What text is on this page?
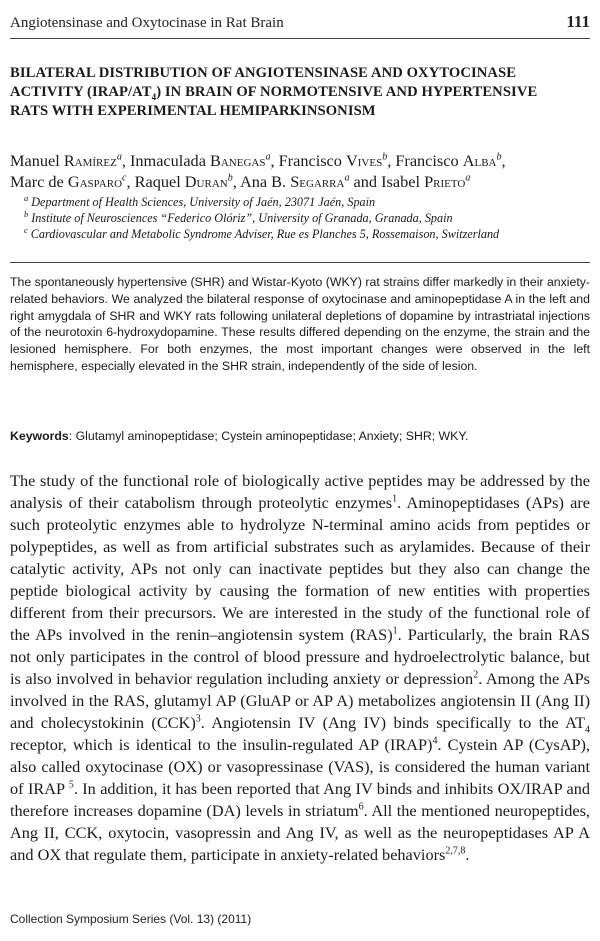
Angiotensinase and Oxytocinase in Rat Brain	111
BILATERAL DISTRIBUTION OF ANGIOTENSINASE AND OXYTOCINASE ACTIVITY $(IRAP/AT_4)$ IN BRAIN OF NORMOTENSIVE AND HYPERTENSIVE RATS WITH EXPERIMENTAL HEMIPARKINSONISM
Manuel Ramírez$^a$, Inmaculada Banegas$^a$, Francisco Vives$^b$, Francisco Alba$^b$,
Marc de Gasparo$^c$, Raquel Duran$^b$, Ana B. Segarra$^a$ and Isabel Prieto$^a$
$^a$ Department of Health Sciences, University of Jaén, 23071 Jaén, Spain
$^b$ Institute of Neurosciences “Federico Olóriz”, University of Granada, Granada, Spain
$^c$ Cardiovascular and Metabolic Syndrome Adviser, Rue es Planches 5, Rossemaison, Switzerland
The spontaneously hypertensive (SHR) and Wistar-Kyoto (WKY) rat strains differ markedly in their anxiety-related behaviors. We analyzed the bilateral response of oxytocinase and aminopeptidase A in the left and right amygdala of SHR and WKY rats following unilateral depletions of dopamine by intrastriatal injections of the neurotoxin 6-hydroxydopamine. These results differed depending on the enzyme, the strain and the lesioned hemisphere. For both enzymes, the most important changes were observed in the left hemisphere, especially elevated in the SHR strain, independently of the side of lesion.
Keywords: Glutamyl aminopeptidase; Cystein aminopeptidase; Anxiety; SHR; WKY.
The study of the functional role of biologically active peptides may be addressed by the analysis of their catabolism through proteolytic enzymes$^1$. Aminopeptidases (APs) are such proteolytic enzymes able to hydrolyze N-terminal amino acids from peptides or polypeptides, as well as from artificial substrates such as arylamides. Because of their catalytic activity, APs not only can inactivate peptides but they also can change the peptide biological activity by causing the formation of new entities with properties different from their precursors. We are interested in the study of the functional role of the APs involved in the renin–angiotensin system (RAS)$^1$. Particularly, the brain RAS not only participates in the control of blood pressure and hydroelectrolytic balance, but is also involved in behavior regulation including anxiety or depression$^2$. Among the APs involved in the RAS, glutamyl AP (GluAP or AP A) metabolizes angiotensin II (Ang II) and cholecystokinin (CCK)$^3$. Angiotensin IV (Ang IV) binds specifically to the $AT_4$ receptor, which is identical to the insulin-regulated AP (IRAP)$^4$. Cystein AP (CysAP), also called oxytocinase (OX) or vasopressinase (VAS), is considered the human variant of IRAP $^5$. In addition, it has been reported that Ang IV binds and inhibits OX/IRAP and therefore increases dopamine (DA) levels in striatum$^6$. All the mentioned neuropeptides, Ang II, CCK, oxytocin, vasopressin and Ang IV, as well as the neuropeptidases AP A and OX that regulate them, participate in anxiety-related behaviors$^{2,7,8}$.
Collection Symposium Series (Vol. 13) (2011)
